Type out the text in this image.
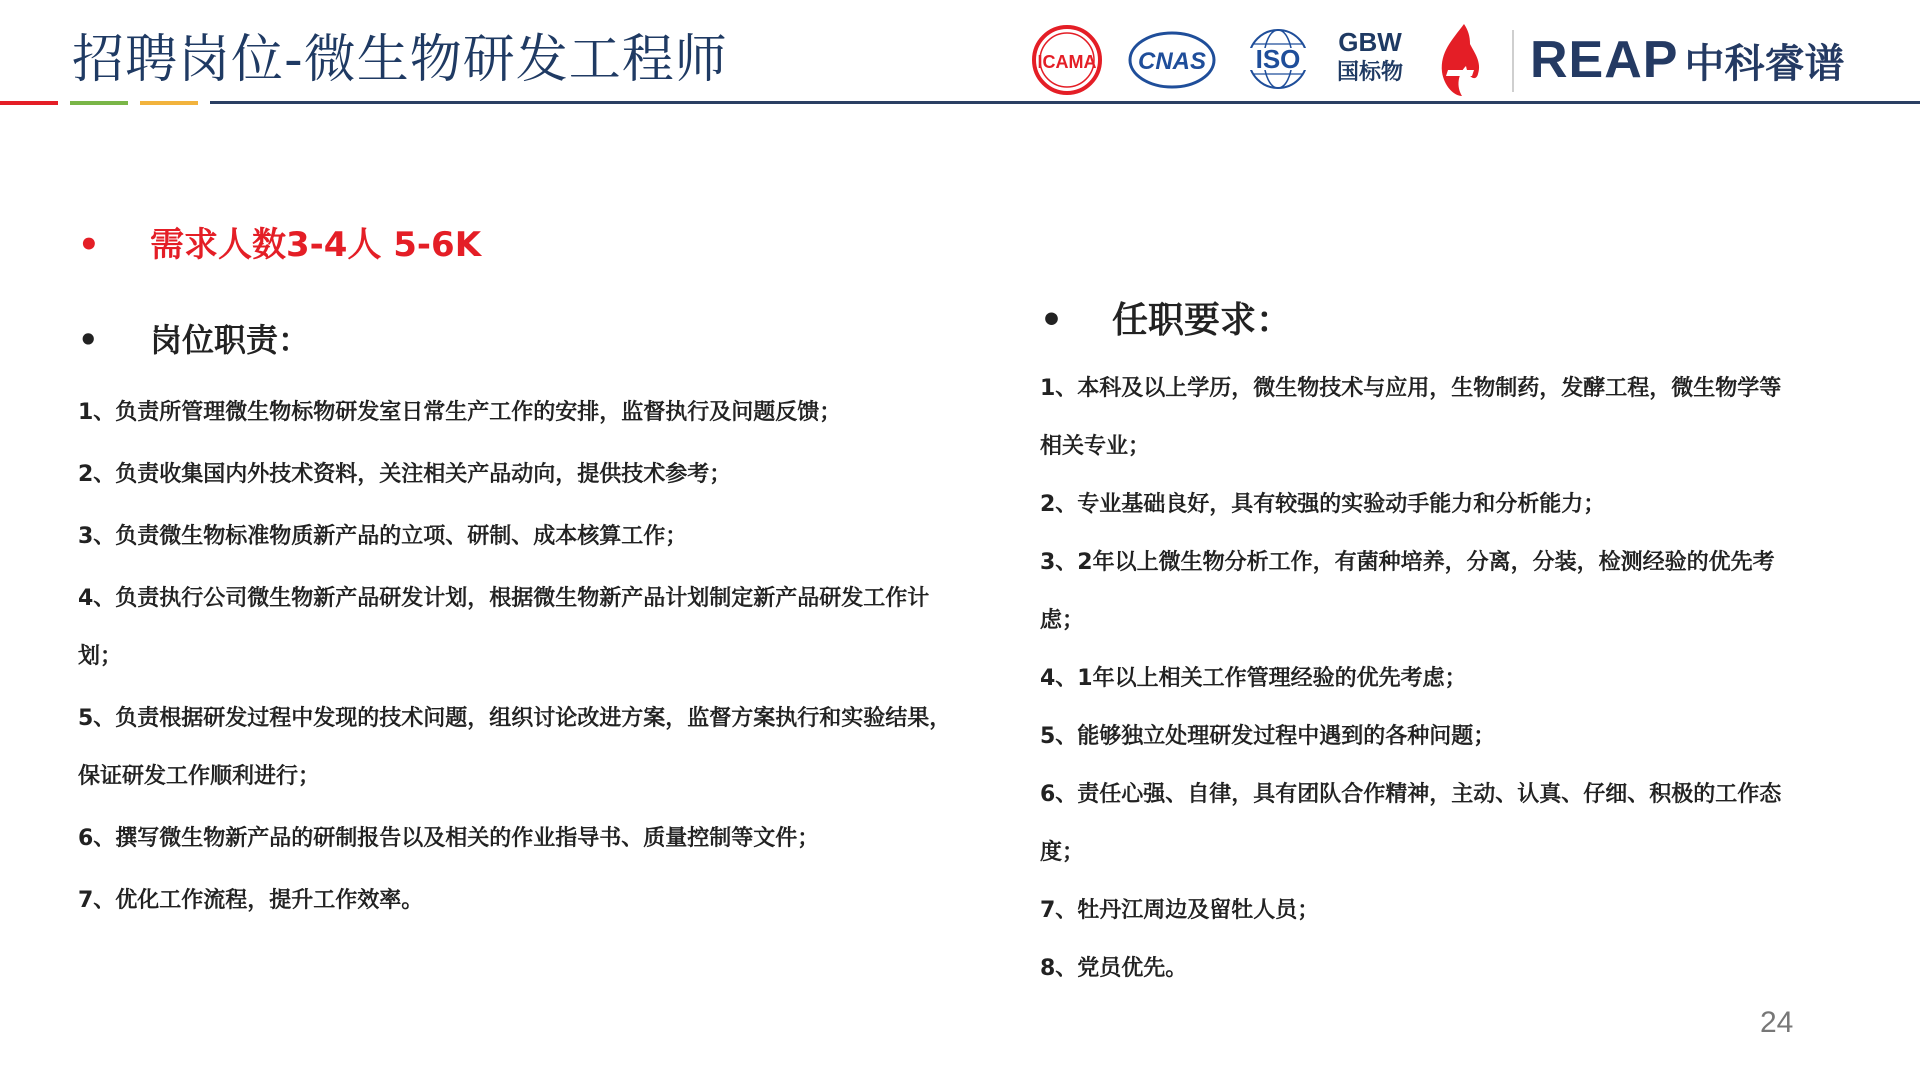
招聘岗位-微生物研发工程师	ICAMA CNAS ISO
GBW
国标物 REAP 中科睿谱
• 需求人数3-4人 5-6K
• 岗位职责：
1、负责所管理微生物标物研发室日常生产工作的安排，监督执行及问题反馈；
2、负责收集国内外技术资料，关注相关产品动向，提供技术参考；
3、负责微生物标准物质新产品的立项、研制、成本核算工作；
4、负责执行公司微生物新产品研发计划，根据微生物新产品计划制定新产品研发工作计划；
5、负责根据研发过程中发现的技术问题，组织讨论改进方案，监督方案执行和实验结果，保证研发工作顺利进行；
6、撰写微生物新产品的研制报告以及相关的作业指导书、质量控制等文件；
7、优化工作流程，提升工作效率。
• 任职要求：
1、本科及以上学历，微生物技术与应用，生物制药，发酵工程，微生物学等相关专业；
2、专业基础良好，具有较强的实验动手能力和分析能力；
3、2年以上微生物分析工作，有菌种培养，分离，分装，检测经验的优先考虑；
4、1年以上相关工作管理经验的优先考虑；
5、能够独立处理研发过程中遇到的各种问题；
6、责任心强、自律，具有团队合作精神，主动、认真、仔细、积极的工作态度；
7、牡丹江周边及留牡人员；
8、党员优先。
24
